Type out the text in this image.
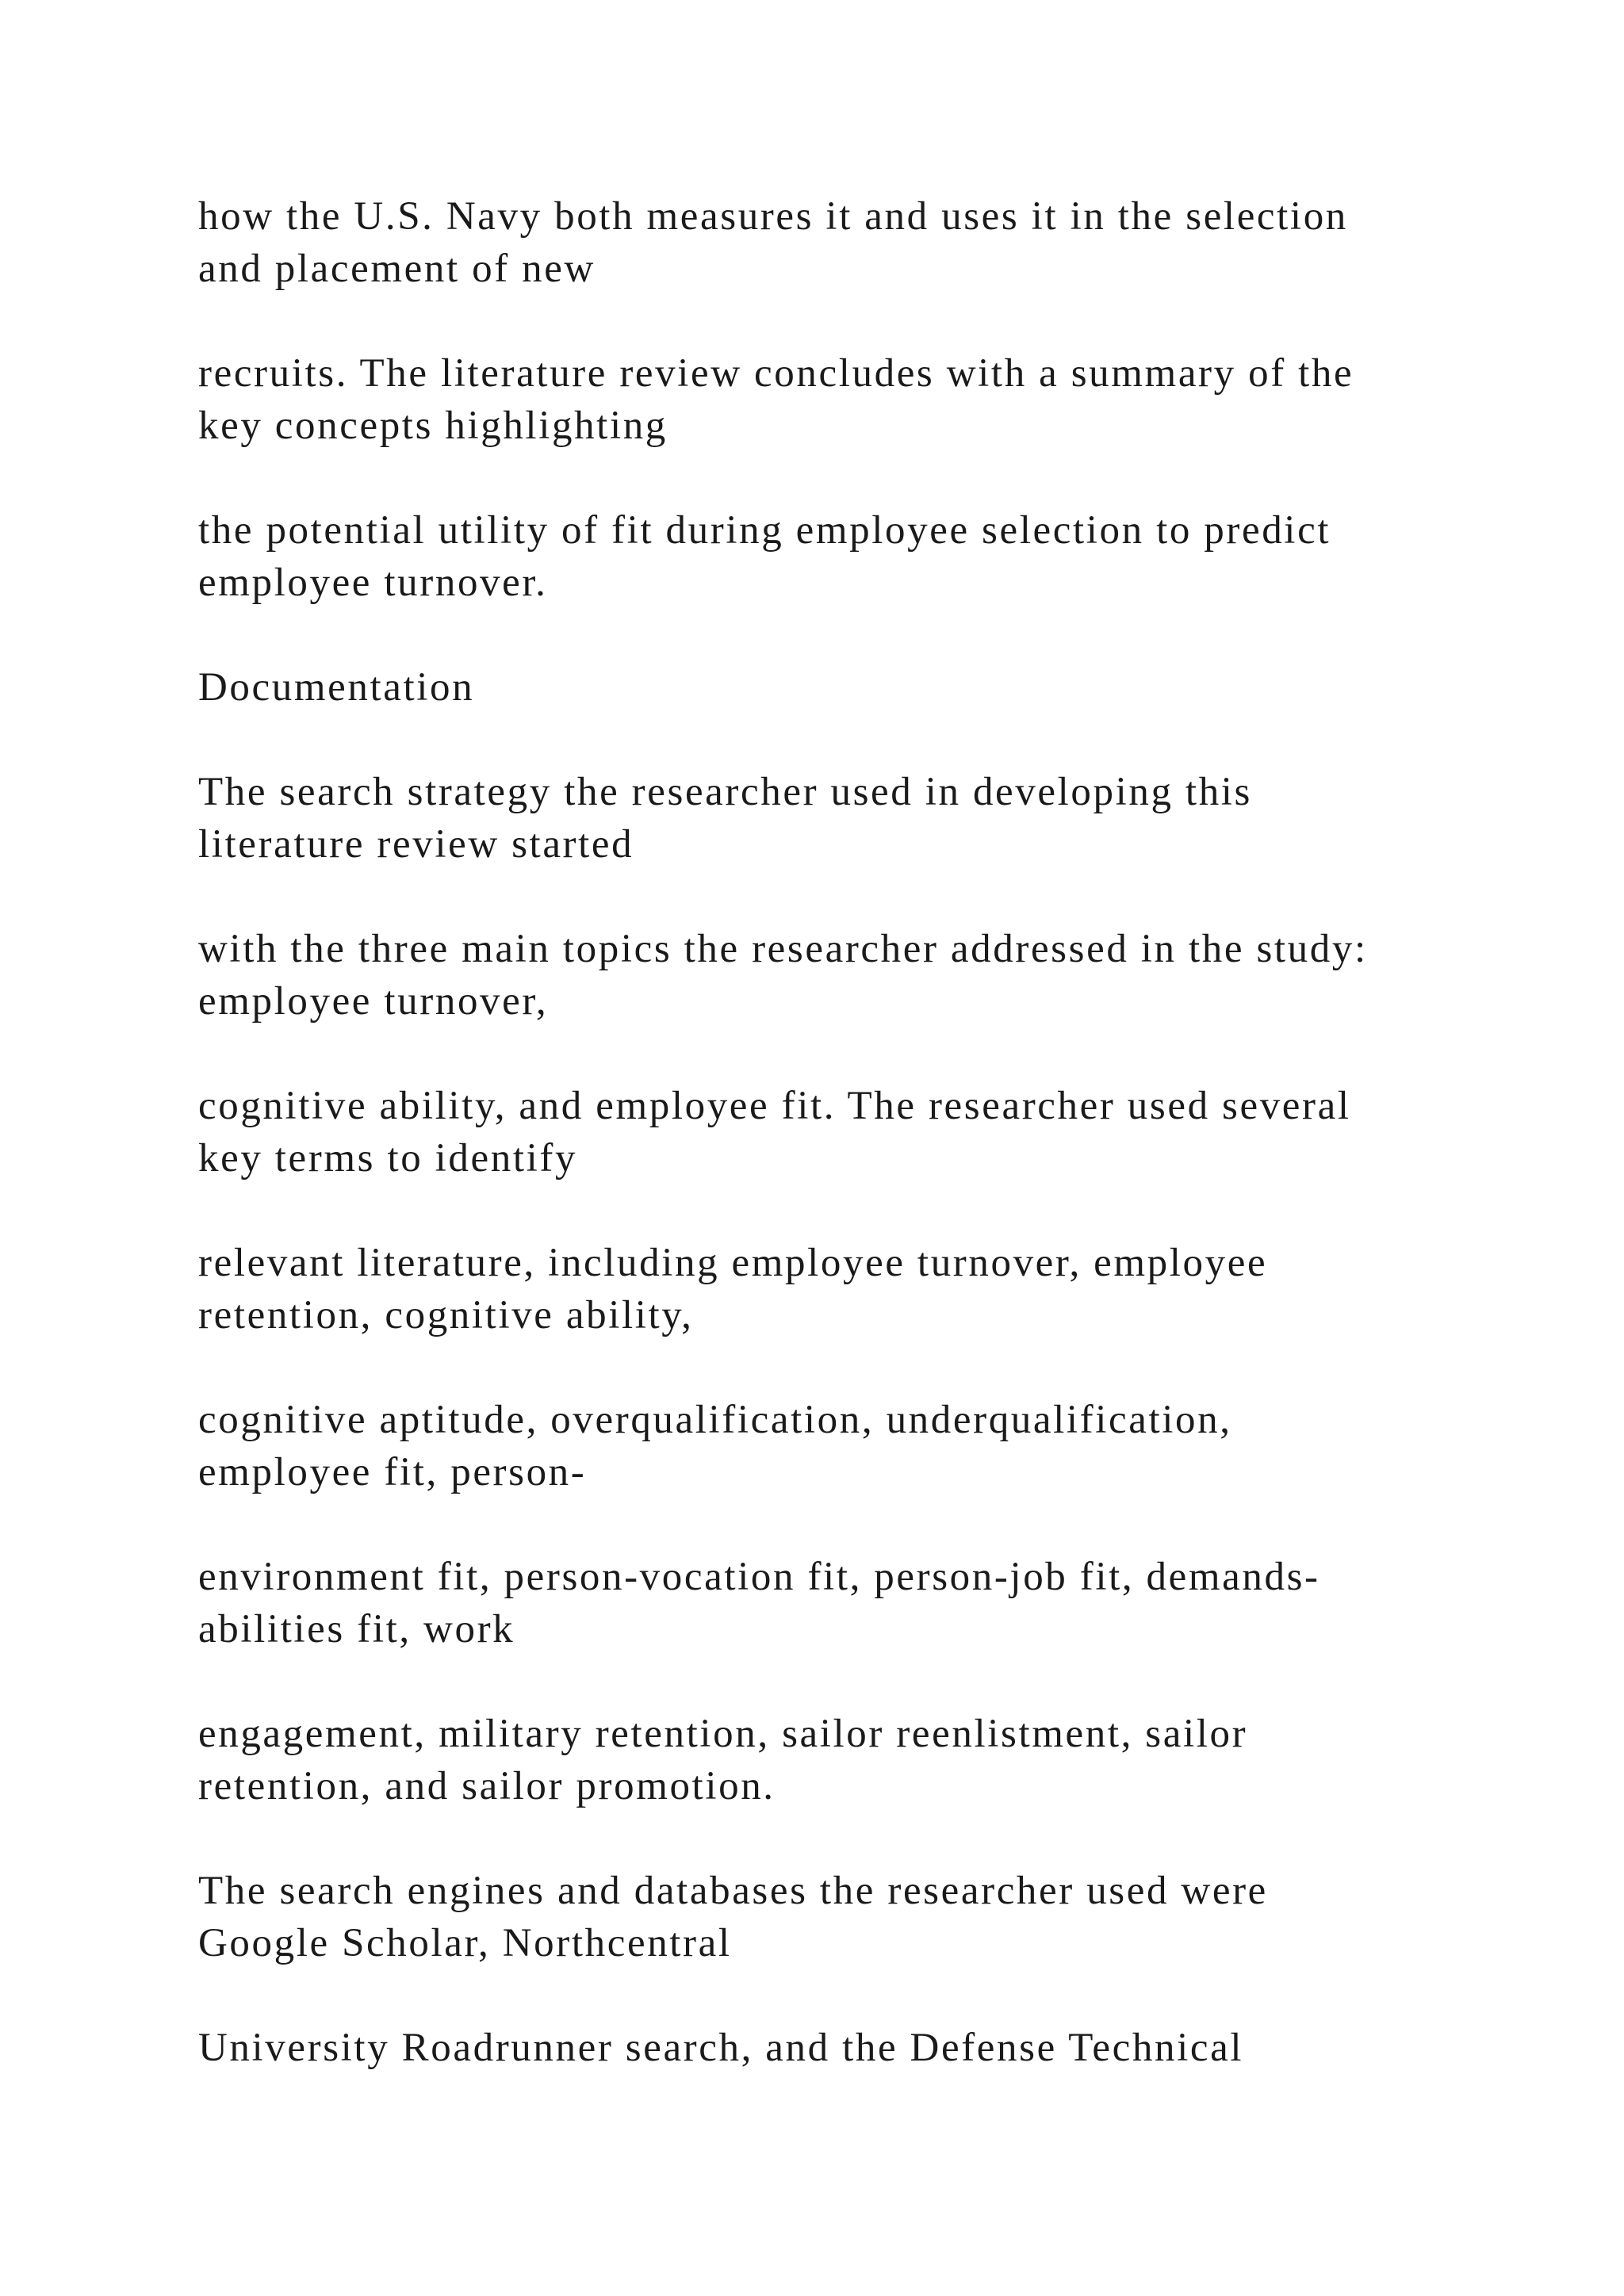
how the U.S. Navy both measures it and uses it in the selection
and placement of new

recruits. The literature review concludes with a summary of the
key concepts highlighting

the potential utility of fit during employee selection to predict
employee turnover.

Documentation

The search strategy the researcher used in developing this
literature review started

with the three main topics the researcher addressed in the study:
employee turnover,

cognitive ability, and employee fit. The researcher used several
key terms to identify

relevant literature, including employee turnover, employee
retention, cognitive ability,

cognitive aptitude, overqualification, underqualification,
employee fit, person-

environment fit, person-vocation fit, person-job fit, demands-
abilities fit, work

engagement, military retention, sailor reenlistment, sailor
retention, and sailor promotion.

The search engines and databases the researcher used were
Google Scholar, Northcentral

University Roadrunner search, and the Defense Technical
